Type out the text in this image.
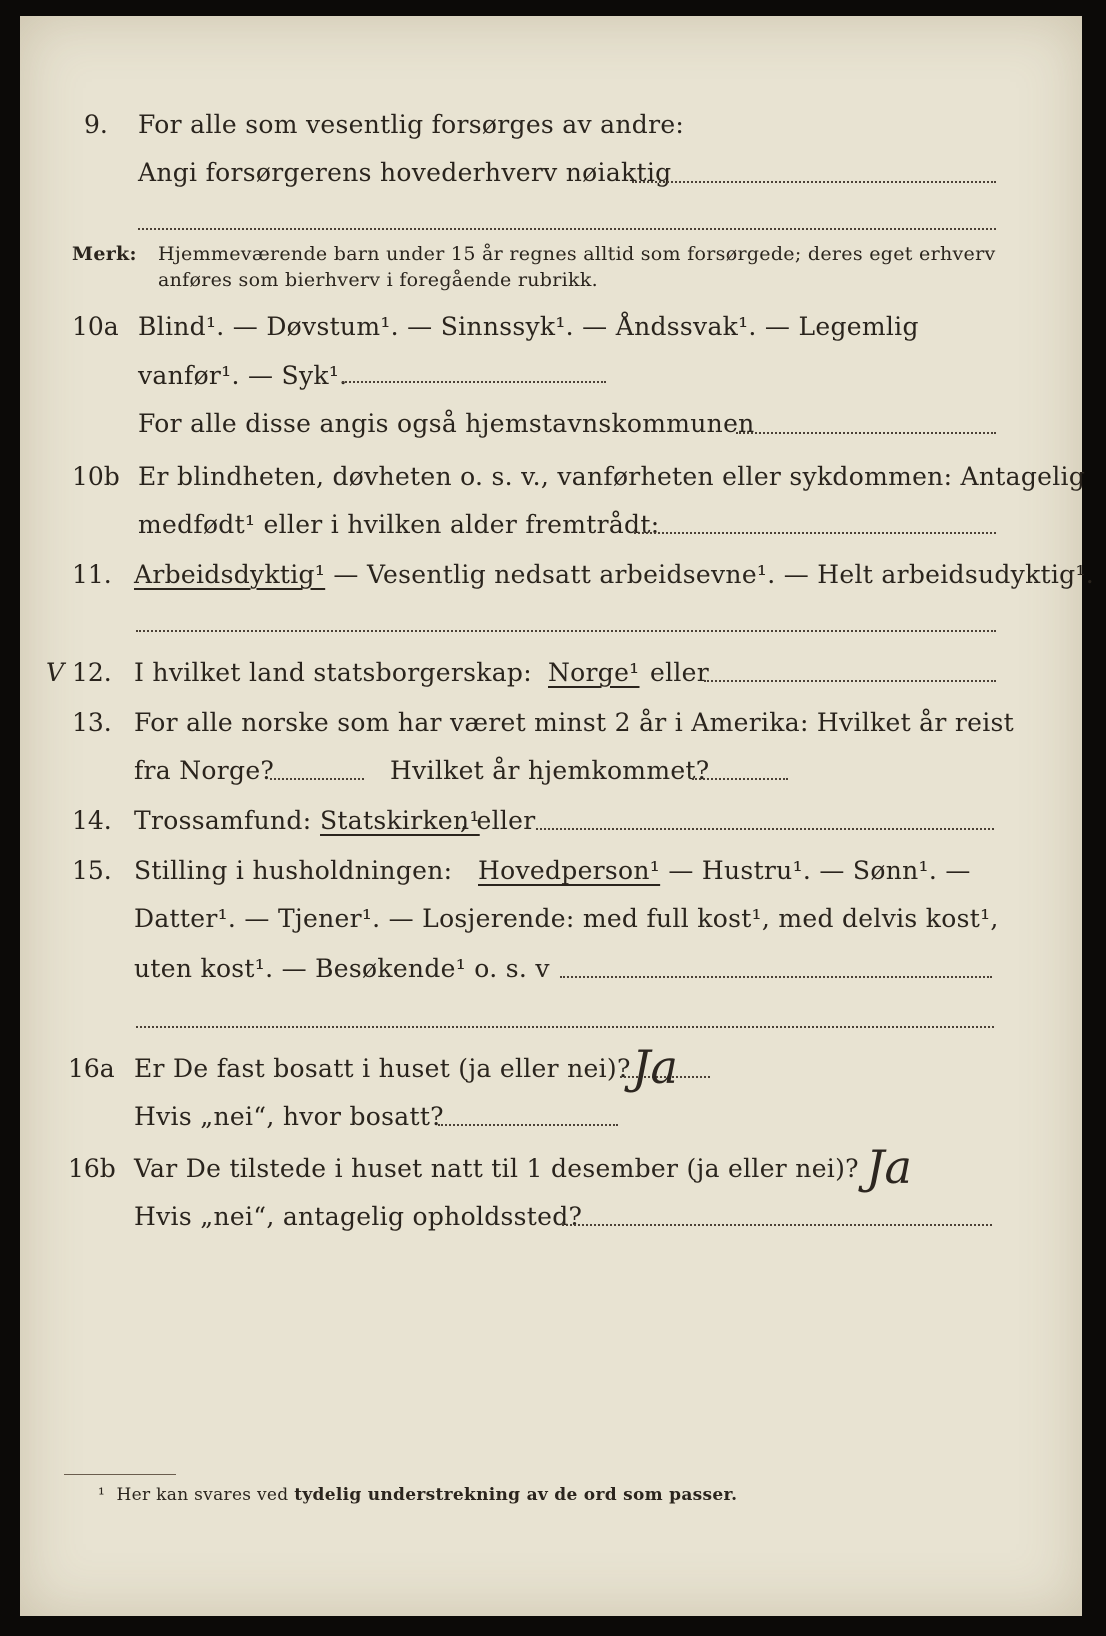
9. For alle som vesentlig forsørges av andre:
Angi forsørgerens hovederhverv nøiaktig
Merk: Hjemmeværende barn under 15 år regnes alltid som forsørgede; deres eget erhverv
anføres som bierhverv i foregående rubrikk.
10a Blind¹. — Døvstum¹. — Sinnssyk¹. — Åndssvak¹. — Legemlig
vanfør¹. — Syk¹.
For alle disse angis også hjemstavnskommunen
10b Er blindheten, døvheten o. s. v., vanførheten eller sykdommen: Antagelig
medfødt¹ eller i hvilken alder fremtrådt:
11. Arbeidsdyktig¹ — Vesentlig nedsatt arbeidsevne¹. — Helt arbeidsudyktig¹.
V 12. I hvilket land statsborgerskap: Norge¹ eller
13. For alle norske som har været minst 2 år i Amerika: Hvilket år reist
fra Norge?	Hvilket år hjemkommet?
14. Trossamfund: Statskirken¹
, eller
15. Stilling i husholdningen: Hovedperson¹ — Hustru¹. — Sønn¹. —
Datter¹. — Tjener¹. — Losjerende: med full kost¹, med delvis kost¹,
uten kost¹. — Besøkende¹ o. s. v
16a Er De fast bosatt i huset (ja eller nei)? Ja
Hvis „nei“, hvor bosatt?
16b Var De tilstede i huset natt til 1 desember (ja eller nei)? Ja
Hvis „nei“, antagelig opholdssted?
¹ Her kan svares ved tydelig understrekning av de ord som passer.
